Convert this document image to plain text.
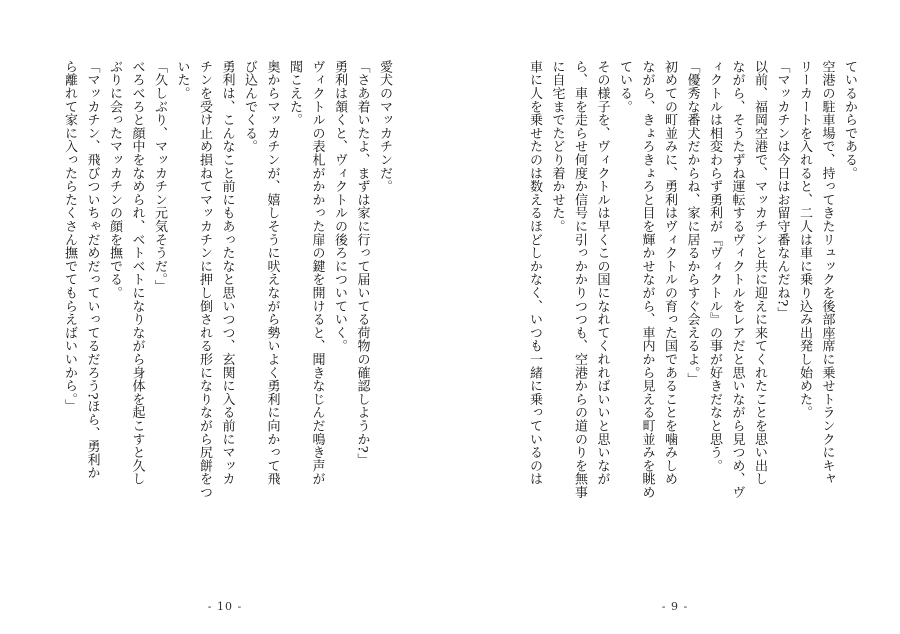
愛犬のマッカチンだ。

「さあ着いたよ、まずは家に行って届いてる荷物の確認しようか?」

勇利は頷くと、ヴィクトルの後ろについていく。

ヴィクトルの表札がかかった扉の鍵を開けると、聞きなじんだ鳴き声が

聞こえた。

奥からマッカチンが、嬉しそうに吠えながら勢いよく勇利に向かって飛

び込んでくる。

勇利は、こんなこと前にもあったなと思いつつ、玄関に入る前にマッカ

チンを受け止め損ねてマッカチンに押し倒される形になりながら尻餅をつ

いた。

「久しぶり、マッカチン元気そうだ。」

べろべろと顔中をなめられ、ベトベトになりながら身体を起こすと久し

ぶりに会ったマッカチンの顔を撫でる。

「マッカチン、飛びついちゃだめだっていってるだろう?ほら、勇利か

ら離れて家に入ったらたくさん撫でてもらえばいいから。」

- 10 -

ているからである。

空港の駐車場で、持ってきたリュックを後部座席に乗せトランクにキャ

リーカートを入れると、二人は車に乗り込み出発し始めた。

「マッカチンは今日はお留守番なんだね?」

以前、福岡空港で、マッカチンと共に迎えに来てくれたことを思い出し

ながら、そうたずね運転するヴィクトルをレアだと思いながら見つめ、ヴ

ィクトルは相変わらず勇利が『ヴィクトル』の事が好きだなと思う。

「優秀な番犬だからね、家に居るからすぐ会えるよ。」

初めての町並みに、勇利はヴィクトルの育った国であることを噛みしめ

ながら、きょろきょろと目を輝かせながら、車内から見える町並みを眺め

ている。

その様子を、ヴィクトルは早くこの国になれてくれればいいと思いなが

ら、車を走らせ何度か信号に引っかかりつつも、空港からの道のりを無事

に自宅までたどり着かせた。

車に人を乗せたのは数えるほどしかなく、いつも一緒に乗っているのは

- 9 -
